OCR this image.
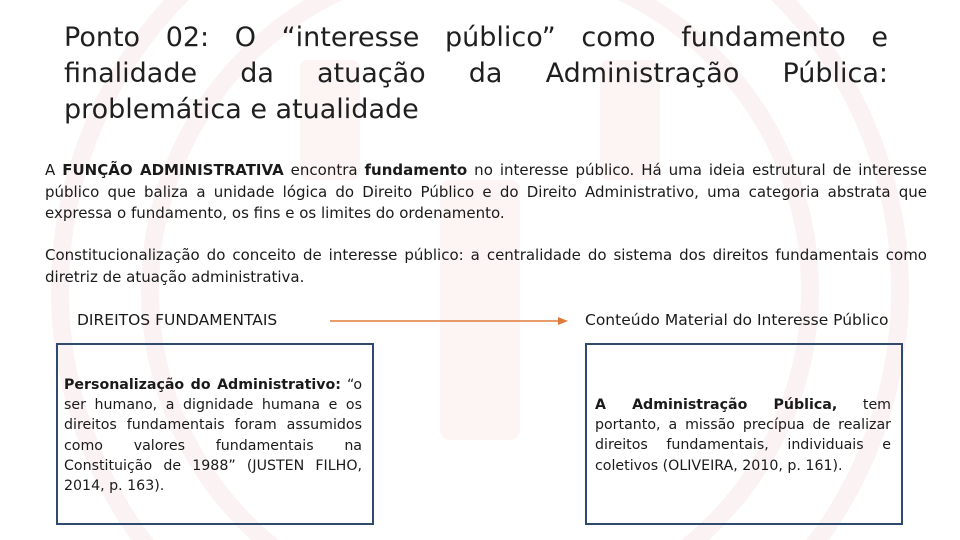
Ponto 02: O “interesse público” como fundamento e
finalidade da atuação da Administração Pública:
problemática e atualidade
A FUNÇÃO ADMINISTRATIVA encontra fundamento no interesse público. Há uma ideia estrutural de interesse público que baliza a unidade lógica do Direito Público e do Direito Administrativo, uma categoria abstrata que expressa o fundamento, os fins e os limites do ordenamento.
Constitucionalização do conceito de interesse público: a centralidade do sistema dos direitos fundamentais como diretriz de atuação administrativa.
DIREITOS FUNDAMENTAIS	Conteúdo Material do Interesse Público
Personalização do Administrativo: “o ser humano, a dignidade humana e os direitos fundamentais foram assumidos como valores fundamentais na Constituição de 1988” (JUSTEN FILHO, 2014, p. 163).
A Administração Pública, tem portanto, a missão precípua de realizar direitos fundamentais, individuais e coletivos (OLIVEIRA, 2010, p. 161).
